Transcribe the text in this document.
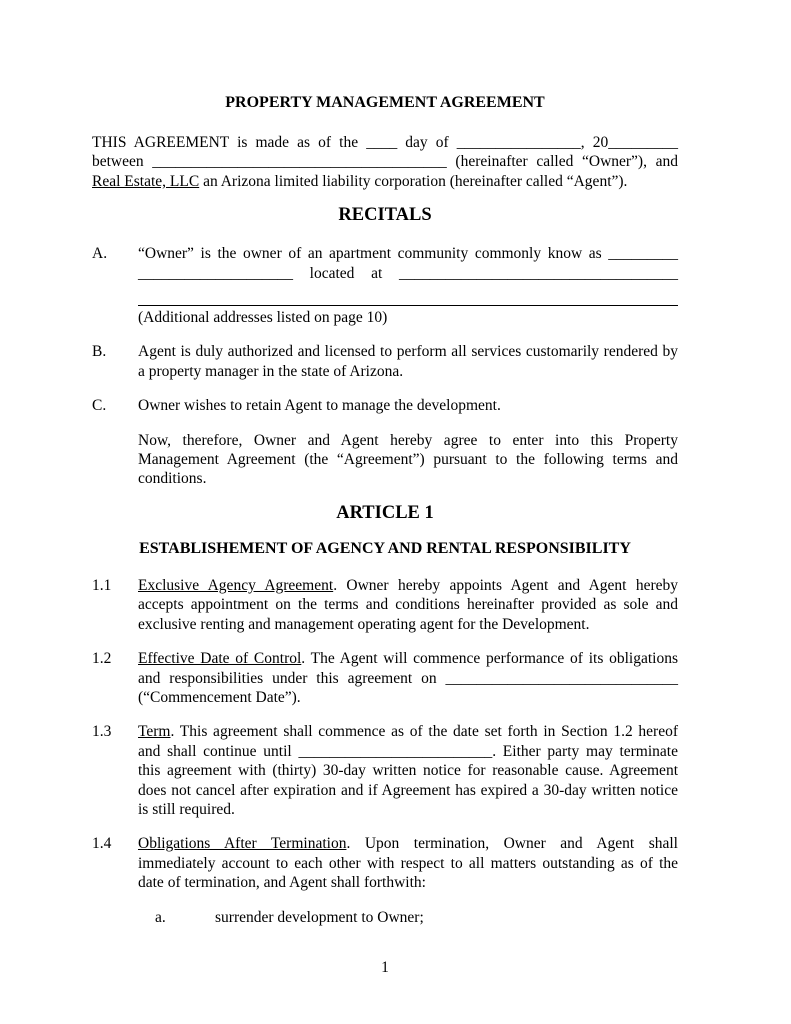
PROPERTY MANAGEMENT AGREEMENT
THIS AGREEMENT is made as of the ____ day of ________________, 20_________
between ______________________________________ (hereinafter called “Owner”), and
Real Estate, LLC an Arizona limited liability corporation (hereinafter called “Agent”).
RECITALS
A.	“Owner” is the owner of an apartment community commonly know as _________
____________________ located at ____________________________________
(Additional addresses listed on page 10)
B.	Agent is duly authorized and licensed to perform all services customarily rendered by
a property manager in the state of Arizona.
C.	Owner wishes to retain Agent to manage the development.
Now, therefore, Owner and Agent hereby agree to enter into this Property
Management Agreement (the “Agreement”) pursuant to the following terms and
conditions.
ARTICLE 1
ESTABLISHEMENT OF AGENCY AND RENTAL RESPONSIBILITY
1.1	Exclusive Agency Agreement. Owner hereby appoints Agent and Agent hereby
accepts appointment on the terms and conditions hereinafter provided as sole and
exclusive renting and management operating agent for the Development.
1.2	Effective Date of Control. The Agent will commence performance of its obligations
and responsibilities under this agreement on ______________________________
(“Commencement Date”).
1.3	Term. This agreement shall commence as of the date set forth in Section 1.2 hereof
and shall continue until _________________________. Either party may terminate
this agreement with (thirty) 30-day written notice for reasonable cause. Agreement
does not cancel after expiration and if Agreement has expired a 30-day written notice
is still required.
1.4	Obligations After Termination. Upon termination, Owner and Agent shall
immediately account to each other with respect to all matters outstanding as of the
date of termination, and Agent shall forthwith:
a.	surrender development to Owner;
1
